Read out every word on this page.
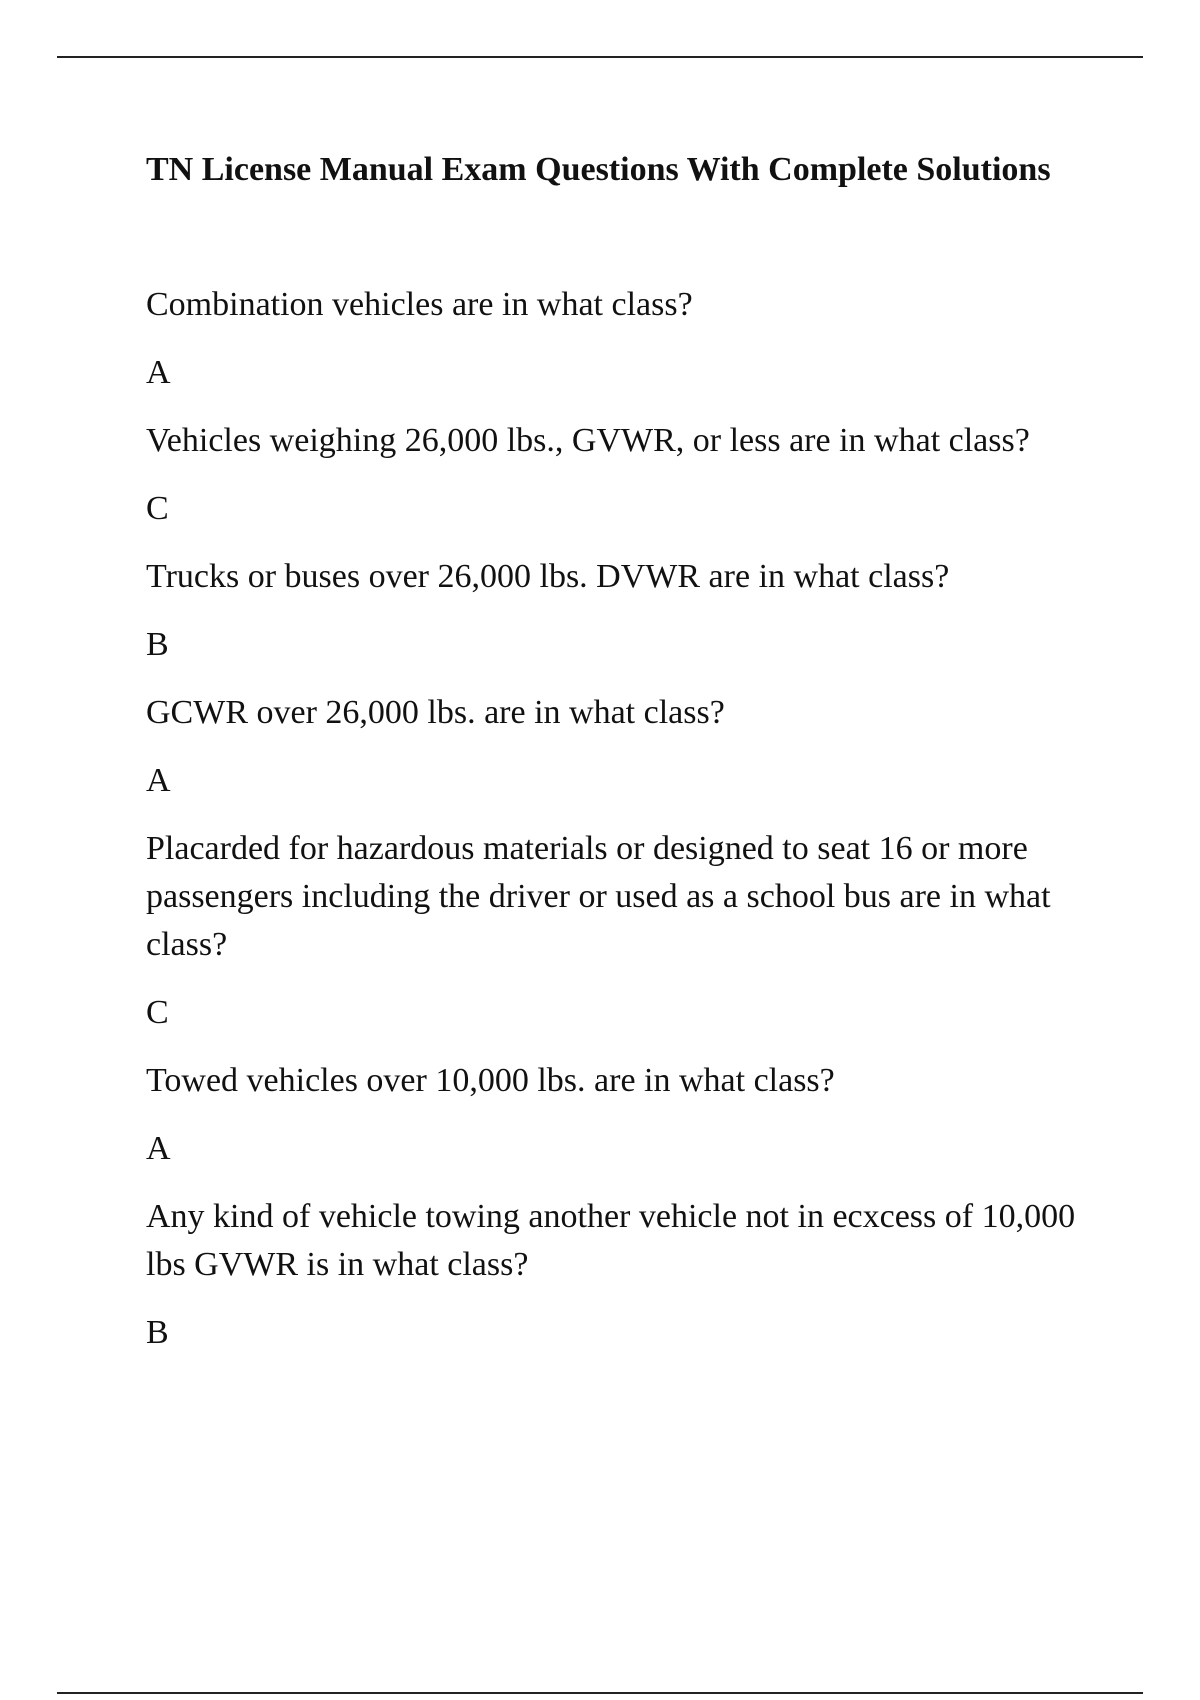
TN License Manual Exam Questions With Complete Solutions

Combination vehicles are in what class?

A

Vehicles weighing 26,000 lbs., GVWR, or less are in what class?

C

Trucks or buses over 26,000 lbs. DVWR are in what class?

B

GCWR over 26,000 lbs. are in what class?

A

Placarded for hazardous materials or designed to seat 16 or more passengers including the driver or used as a school bus are in what class?

C

Towed vehicles over 10,000 lbs. are in what class?

A

Any kind of vehicle towing another vehicle not in ecxcess of 10,000 lbs GVWR is in what class?

B
